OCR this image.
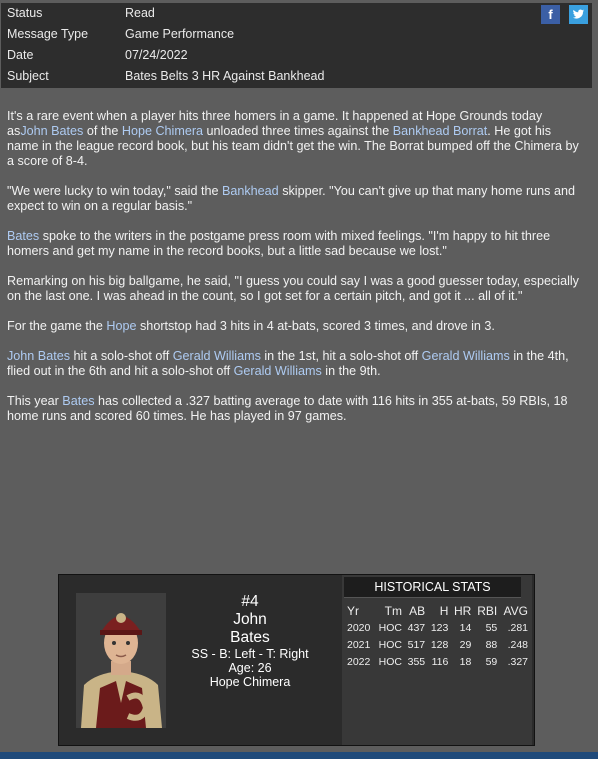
Status	Read
Message Type	Game Performance
Date	07/24/2022
Subject	Bates Belts 3 HR Against Bankhead
f

It's a rare event when a player hits three homers in a game. It happened at Hope Grounds today asJohn Bates of the Hope Chimera unloaded three times against the Bankhead Borrat. He got his name in the league record book, but his team didn't get the win. The Borrat bumped off the Chimera by a score of 8-4.

"We were lucky to win today," said the Bankhead skipper. "You can't give up that many home runs and expect to win on a regular basis."

Bates spoke to the writers in the postgame press room with mixed feelings. "I'm happy to hit three homers and get my name in the record books, but a little sad because we lost."

Remarking on his big ballgame, he said, "I guess you could say I was a good guesser today, especially on the last one. I was ahead in the count, so I got set for a certain pitch, and got it ... all of it."

For the game the Hope shortstop had 3 hits in 4 at-bats, scored 3 times, and drove in 3.

John Bates hit a solo-shot off Gerald Williams in the 1st, hit a solo-shot off Gerald Williams in the 4th, flied out in the 6th and hit a solo-shot off Gerald Williams in the 9th.

This year Bates has collected a .327 batting average to date with 116 hits in 355 at-bats, 59 RBIs, 18 home runs and scored 60 times. He has played in 97 games.

#4
John
Bates
SS - B: Left - T: Right
Age: 26
Hope Chimera
HISTORICAL STATS
Yr	Tm	AB	H	HR	RBI	AVG
2020	HOC	437	123	14	55	.281
2021	HOC	517	128	29	88	.248
2022	HOC	355	116	18	59	.327
